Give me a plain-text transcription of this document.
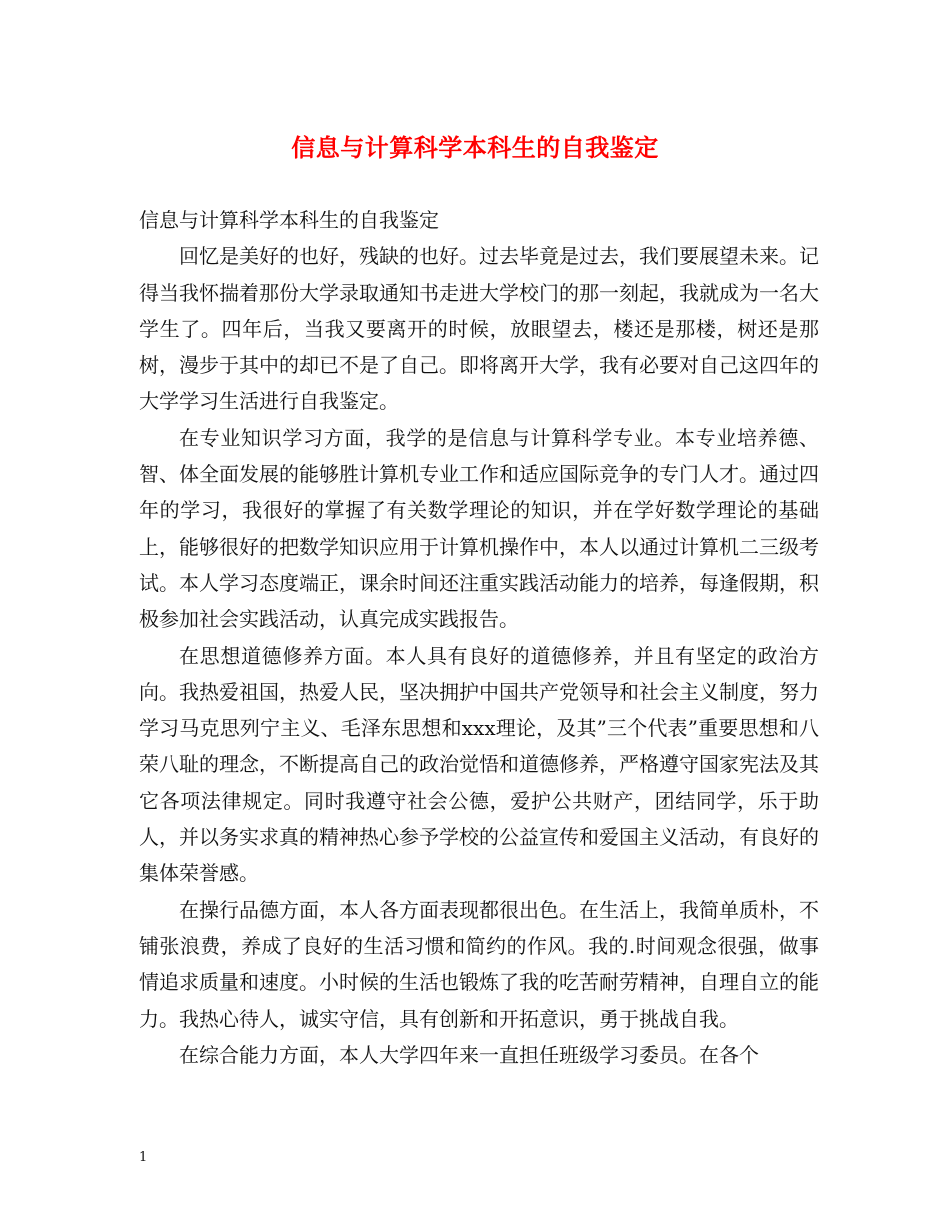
信息与计算科学本科生的自我鉴定

信息与计算科学本科生的自我鉴定

回忆是美好的也好，残缺的也好。过去毕竟是过去，我们要展望未来。记得当我怀揣着那份大学录取通知书走进大学校门的那一刻起，我就成为一名大学生了。四年后，当我又要离开的时候，放眼望去，楼还是那楼，树还是那树，漫步于其中的却已不是了自己。即将离开大学，我有必要对自己这四年的大学学习生活进行自我鉴定。

在专业知识学习方面，我学的是信息与计算科学专业。本专业培养德、智、体全面发展的能够胜计算机专业工作和适应国际竞争的专门人才。通过四年的学习，我很好的掌握了有关数学理论的知识，并在学好数学理论的基础上，能够很好的把数学知识应用于计算机操作中，本人以通过计算机二三级考试。本人学习态度端正，课余时间还注重实践活动能力的培养，每逢假期，积极参加社会实践活动，认真完成实践报告。

在思想道德修养方面。本人具有良好的道德修养，并且有坚定的政治方向。我热爱祖国，热爱人民，坚决拥护中国共产党领导和社会主义制度，努力学习马克思列宁主义、毛泽东思想和xxx理论，及其”三个代表”重要思想和八荣八耻的理念，不断提高自己的政治觉悟和道德修养，严格遵守国家宪法及其它各项法律规定。同时我遵守社会公德，爱护公共财产，团结同学，乐于助人，并以务实求真的精神热心参予学校的公益宣传和爱国主义活动，有良好的集体荣誉感。

在操行品德方面，本人各方面表现都很出色。在生活上，我简单质朴，不铺张浪费，养成了良好的生活习惯和简约的作风。我的.时间观念很强，做事情追求质量和速度。小时候的生活也锻炼了我的吃苦耐劳精神，自理自立的能力。我热心待人，诚实守信，具有创新和开拓意识，勇于挑战自我。

在综合能力方面，本人大学四年来一直担任班级学习委员。在各个

1
